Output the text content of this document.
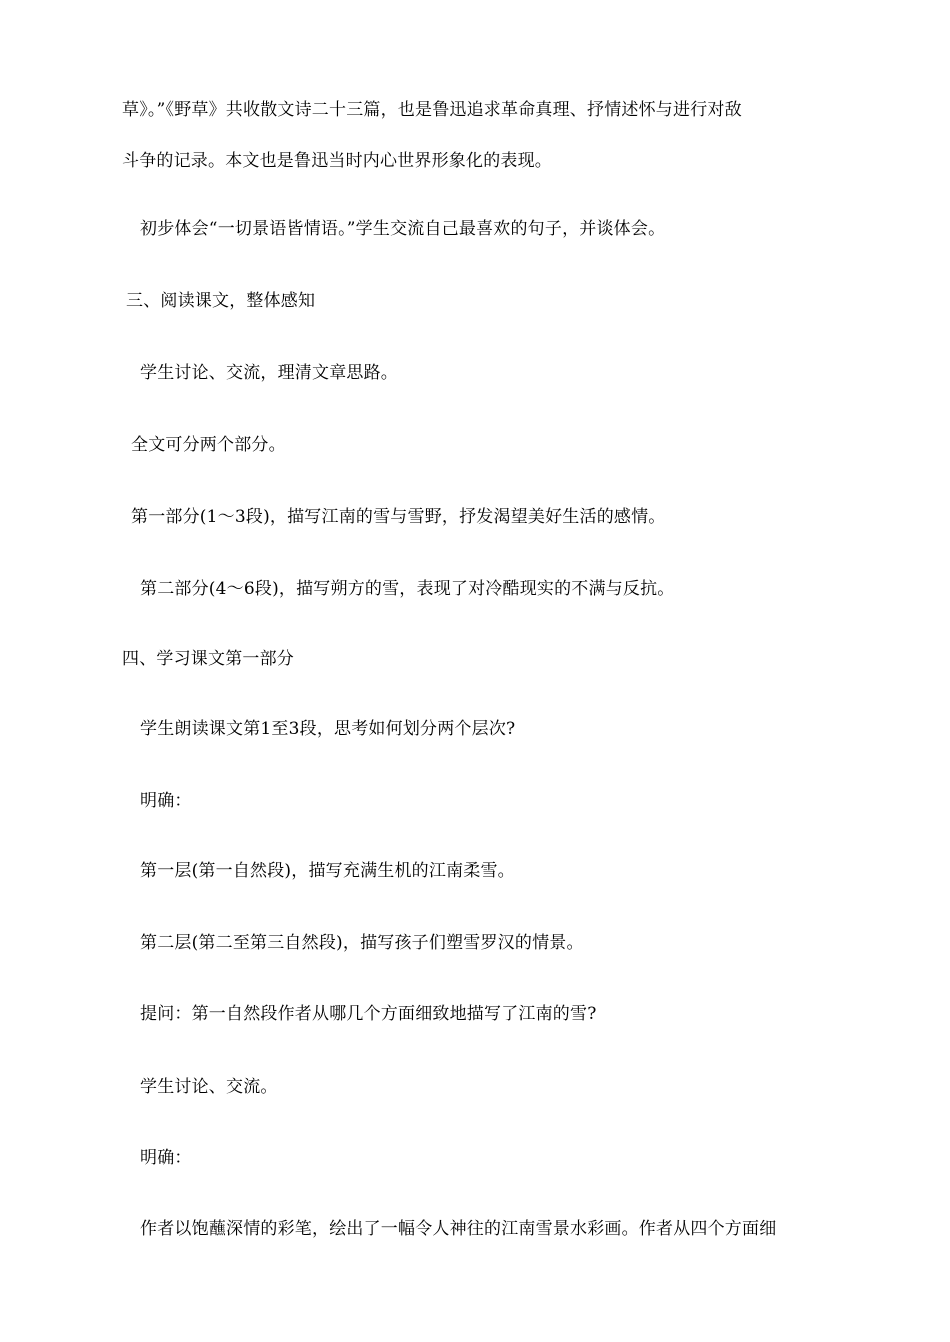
草》。”《野草》共收散文诗二十三篇，也是鲁迅追求革命真理、抒情述怀与进行对敌
斗争的记录。本文也是鲁迅当时内心世界形象化的表现。
初步体会“一切景语皆情语。”学生交流自己最喜欢的句子，并谈体会。
三、阅读课文，整体感知
学生讨论、交流，理清文章思路。
全文可分两个部分。
第一部分(1～3段)，描写江南的雪与雪野，抒发渴望美好生活的感情。
第二部分(4～6段)，描写朔方的雪，表现了对冷酷现实的不满与反抗。
四、学习课文第一部分
学生朗读课文第1至3段，思考如何划分两个层次?
明确：
第一层(第一自然段)，描写充满生机的江南柔雪。
第二层(第二至第三自然段)，描写孩子们塑雪罗汉的情景。
提问：第一自然段作者从哪几个方面细致地描写了江南的雪?
学生讨论、交流。
明确：
作者以饱蘸深情的彩笔，绘出了一幅令人神往的江南雪景水彩画。作者从四个方面细
